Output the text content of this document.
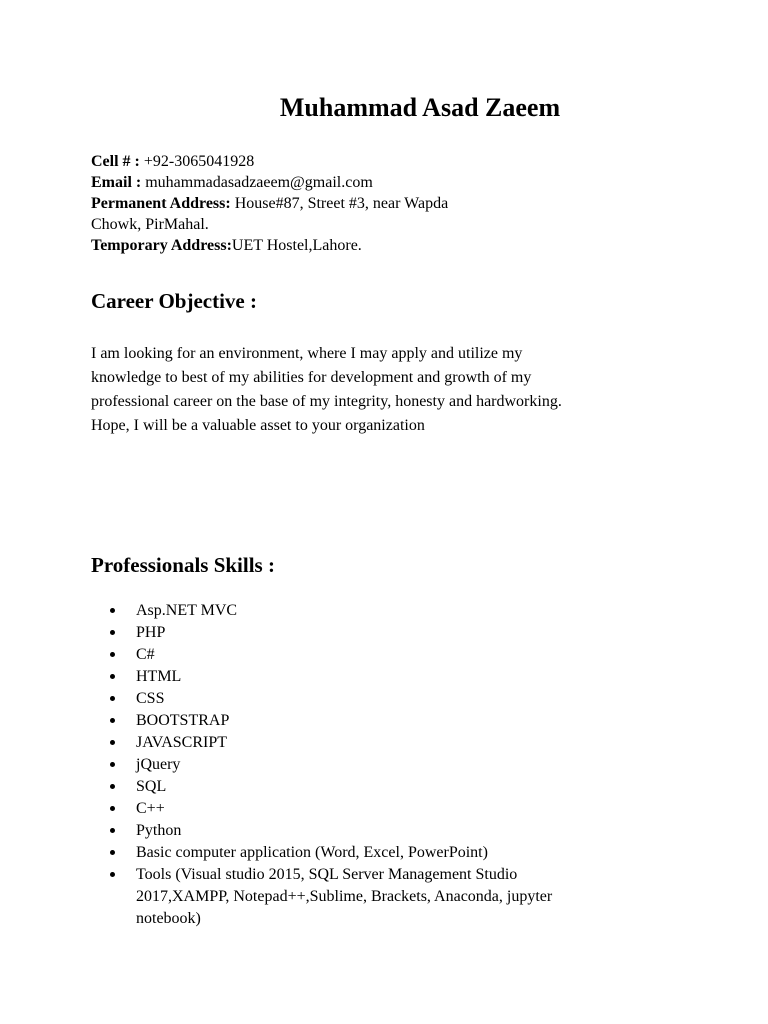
Muhammad Asad Zaeem
Cell # : +92-3065041928
Email : muhammadasadzaeem@gmail.com
Permanent Address: House#87, Street #3, near Wapda
Chowk, PirMahal.
Temporary Address:UET Hostel,Lahore.
Career Objective :

I am looking for an environment, where I may apply and utilize my
knowledge to best of my abilities for development and growth of my
professional career on the base of my integrity, honesty and hardworking.
Hope, I will be a valuable asset to your organization

Professionals Skills :
Asp.NET MVC
PHP
C#
HTML
CSS
BOOTSTRAP
JAVASCRIPT
jQuery
SQL
C++
Python
Basic computer application (Word, Excel, PowerPoint)
Tools (Visual studio 2015, SQL Server Management Studio 2017,XAMPP, Notepad++,Sublime, Brackets, Anaconda, jupyter notebook)
